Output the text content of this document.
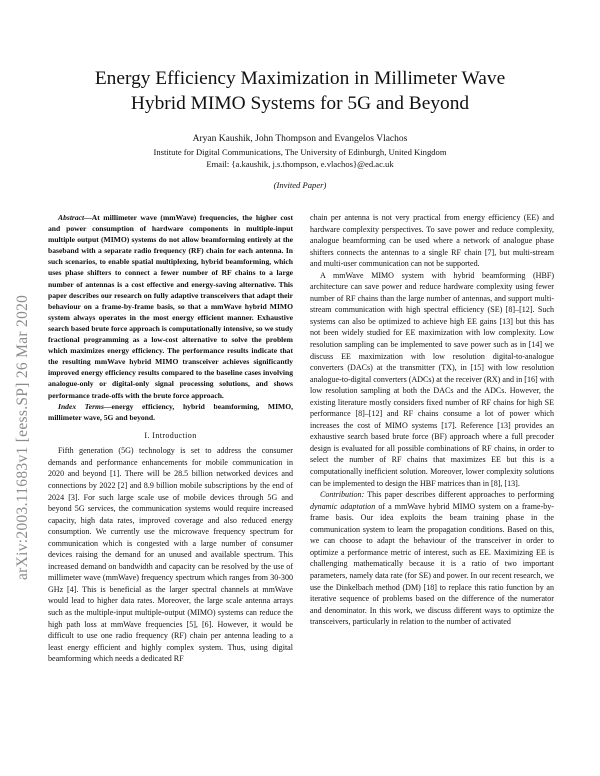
arXiv:2003.11683v1 [eess.SP] 26 Mar 2020
Energy Efficiency Maximization in Millimeter Wave
Hybrid MIMO Systems for 5G and Beyond
Aryan Kaushik, John Thompson and Evangelos Vlachos
Institute for Digital Communications, The University of Edinburgh, United Kingdom
Email: {a.kaushik, j.s.thompson, e.vlachos}@ed.ac.uk
(Invited Paper)

Abstract—At millimeter wave (mmWave) frequencies, the higher cost and power consumption of hardware components in multiple-input multiple output (MIMO) systems do not allow beamforming entirely at the baseband with a separate radio frequency (RF) chain for each antenna. In such scenarios, to enable spatial multiplexing, hybrid beamforming, which uses phase shifters to connect a fewer number of RF chains to a large number of antennas is a cost effective and energy-saving alternative. This paper describes our research on fully adaptive transceivers that adapt their behaviour on a frame-by-frame basis, so that a mmWave hybrid MIMO system always operates in the most energy efficient manner. Exhaustive search based brute force approach is computationally intensive, so we study fractional programming as a low-cost alternative to solve the problem which maximizes energy efficiency. The performance results indicate that the resulting mmWave hybrid MIMO transceiver achieves significantly improved energy efficiency results compared to the baseline cases involving analogue-only or digital-only signal processing solutions, and shows performance trade-offs with the brute force approach.

Index Terms—energy efficiency, hybrid beamforming, MIMO, millimeter wave, 5G and beyond.

I. Introduction

Fifth generation (5G) technology is set to address the consumer demands and performance enhancements for mobile communication in 2020 and beyond [1]. There will be 28.5 billion networked devices and connections by 2022 [2] and 8.9 billion mobile subscriptions by the end of 2024 [3]. For such large scale use of mobile devices through 5G and beyond 5G services, the communication systems would require increased capacity, high data rates, improved coverage and also reduced energy consumption. We currently use the microwave frequency spectrum for communication which is congested with a large number of consumer devices raising the demand for an unused and available spectrum. This increased demand on bandwidth and capacity can be resolved by the use of millimeter wave (mmWave) frequency spectrum which ranges from 30-300 GHz [4]. This is beneficial as the larger spectral channels at mmWave would lead to higher data rates. Moreover, the large scale antenna arrays such as the multiple-input multiple-output (MIMO) systems can reduce the high path loss at mmWave frequencies [5], [6]. However, it would be difficult to use one radio frequency (RF) chain per antenna leading to a least energy efficient and highly complex system. Thus, using digital beamforming which needs a dedicated RF

chain per antenna is not very practical from energy efficiency (EE) and hardware complexity perspectives. To save power and reduce complexity, analogue beamforming can be used where a network of analogue phase shifters connects the antennas to a single RF chain [7], but multi-stream and multi-user communication can not be supported.

A mmWave MIMO system with hybrid beamforming (HBF) architecture can save power and reduce hardware complexity using fewer number of RF chains than the large number of antennas, and support multi-stream communication with high spectral efficiency (SE) [8]–[12]. Such systems can also be optimized to achieve high EE gains [13] but this has not been widely studied for EE maximization with low complexity. Low resolution sampling can be implemented to save power such as in [14] we discuss EE maximization with low resolution digital-to-analogue converters (DACs) at the transmitter (TX), in [15] with low resolution analogue-to-digital converters (ADCs) at the receiver (RX) and in [16] with low resolution sampling at both the DACs and the ADCs. However, the existing literature mostly considers fixed number of RF chains for high SE performance [8]–[12] and RF chains consume a lot of power which increases the cost of MIMO systems [17]. Reference [13] provides an exhaustive search based brute force (BF) approach where a full precoder design is evaluated for all possible combinations of RF chains, in order to select the number of RF chains that maximizes EE but this is a computationally inefficient solution. Moreover, lower complexity solutions can be implemented to design the HBF matrices than in [8], [13].

Contribution: This paper describes different approaches to performing dynamic adaptation of a mmWave hybrid MIMO system on a frame-by-frame basis. Our idea exploits the beam training phase in the communication system to learn the propagation conditions. Based on this, we can choose to adapt the behaviour of the transceiver in order to optimize a performance metric of interest, such as EE. Maximizing EE is challenging mathematically because it is a ratio of two important parameters, namely data rate (for SE) and power. In our recent research, we use the Dinkelbach method (DM) [18] to replace this ratio function by an iterative sequence of problems based on the difference of the numerator and denominator. In this work, we discuss different ways to optimize the transceivers, particularly in relation to the number of activated
